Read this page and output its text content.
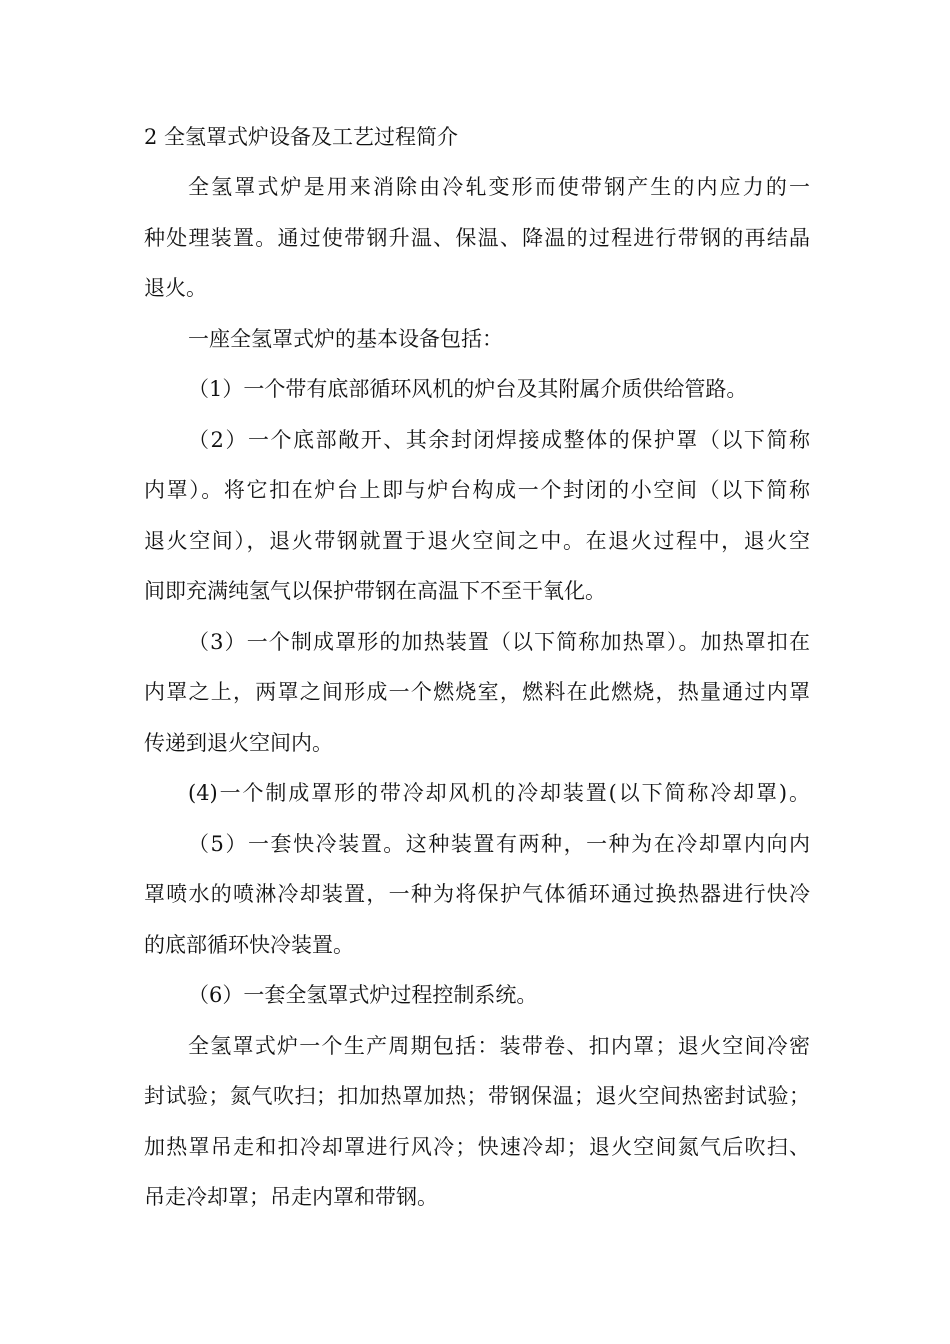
2 全氢罩式炉设备及工艺过程简介
全氢罩式炉是用来消除由冷轧变形而使带钢产生的内应力的一
种处理装置。通过使带钢升温、保温、降温的过程进行带钢的再结晶
退火。
一座全氢罩式炉的基本设备包括：
（1）一个带有底部循环风机的炉台及其附属介质供给管路。
（2）一个底部敞开、其余封闭焊接成整体的保护罩（以下简称
内罩）。将它扣在炉台上即与炉台构成一个封闭的小空间（以下简称
退火空间），退火带钢就置于退火空间之中。在退火过程中，退火空
间即充满纯氢气以保护带钢在高温下不至干氧化。
（3）一个制成罩形的加热装置（以下简称加热罩）。加热罩扣在
内罩之上，两罩之间形成一个燃烧室，燃料在此燃烧，热量通过内罩
传递到退火空间内。
(4)一个制成罩形的带冷却风机的冷却装置(以下简称冷却罩)。
（5）一套快冷装置。这种装置有两种，一种为在冷却罩内向内
罩喷水的喷淋冷却装置，一种为将保护气体循环通过换热器进行快冷
的底部循环快冷装置。
（6）一套全氢罩式炉过程控制系统。
全氢罩式炉一个生产周期包括：装带卷、扣内罩；退火空间冷密
封试验；氮气吹扫；扣加热罩加热；带钢保温；退火空间热密封试验；
加热罩吊走和扣冷却罩进行风冷；快速冷却；退火空间氮气后吹扫、
吊走冷却罩；吊走内罩和带钢。
